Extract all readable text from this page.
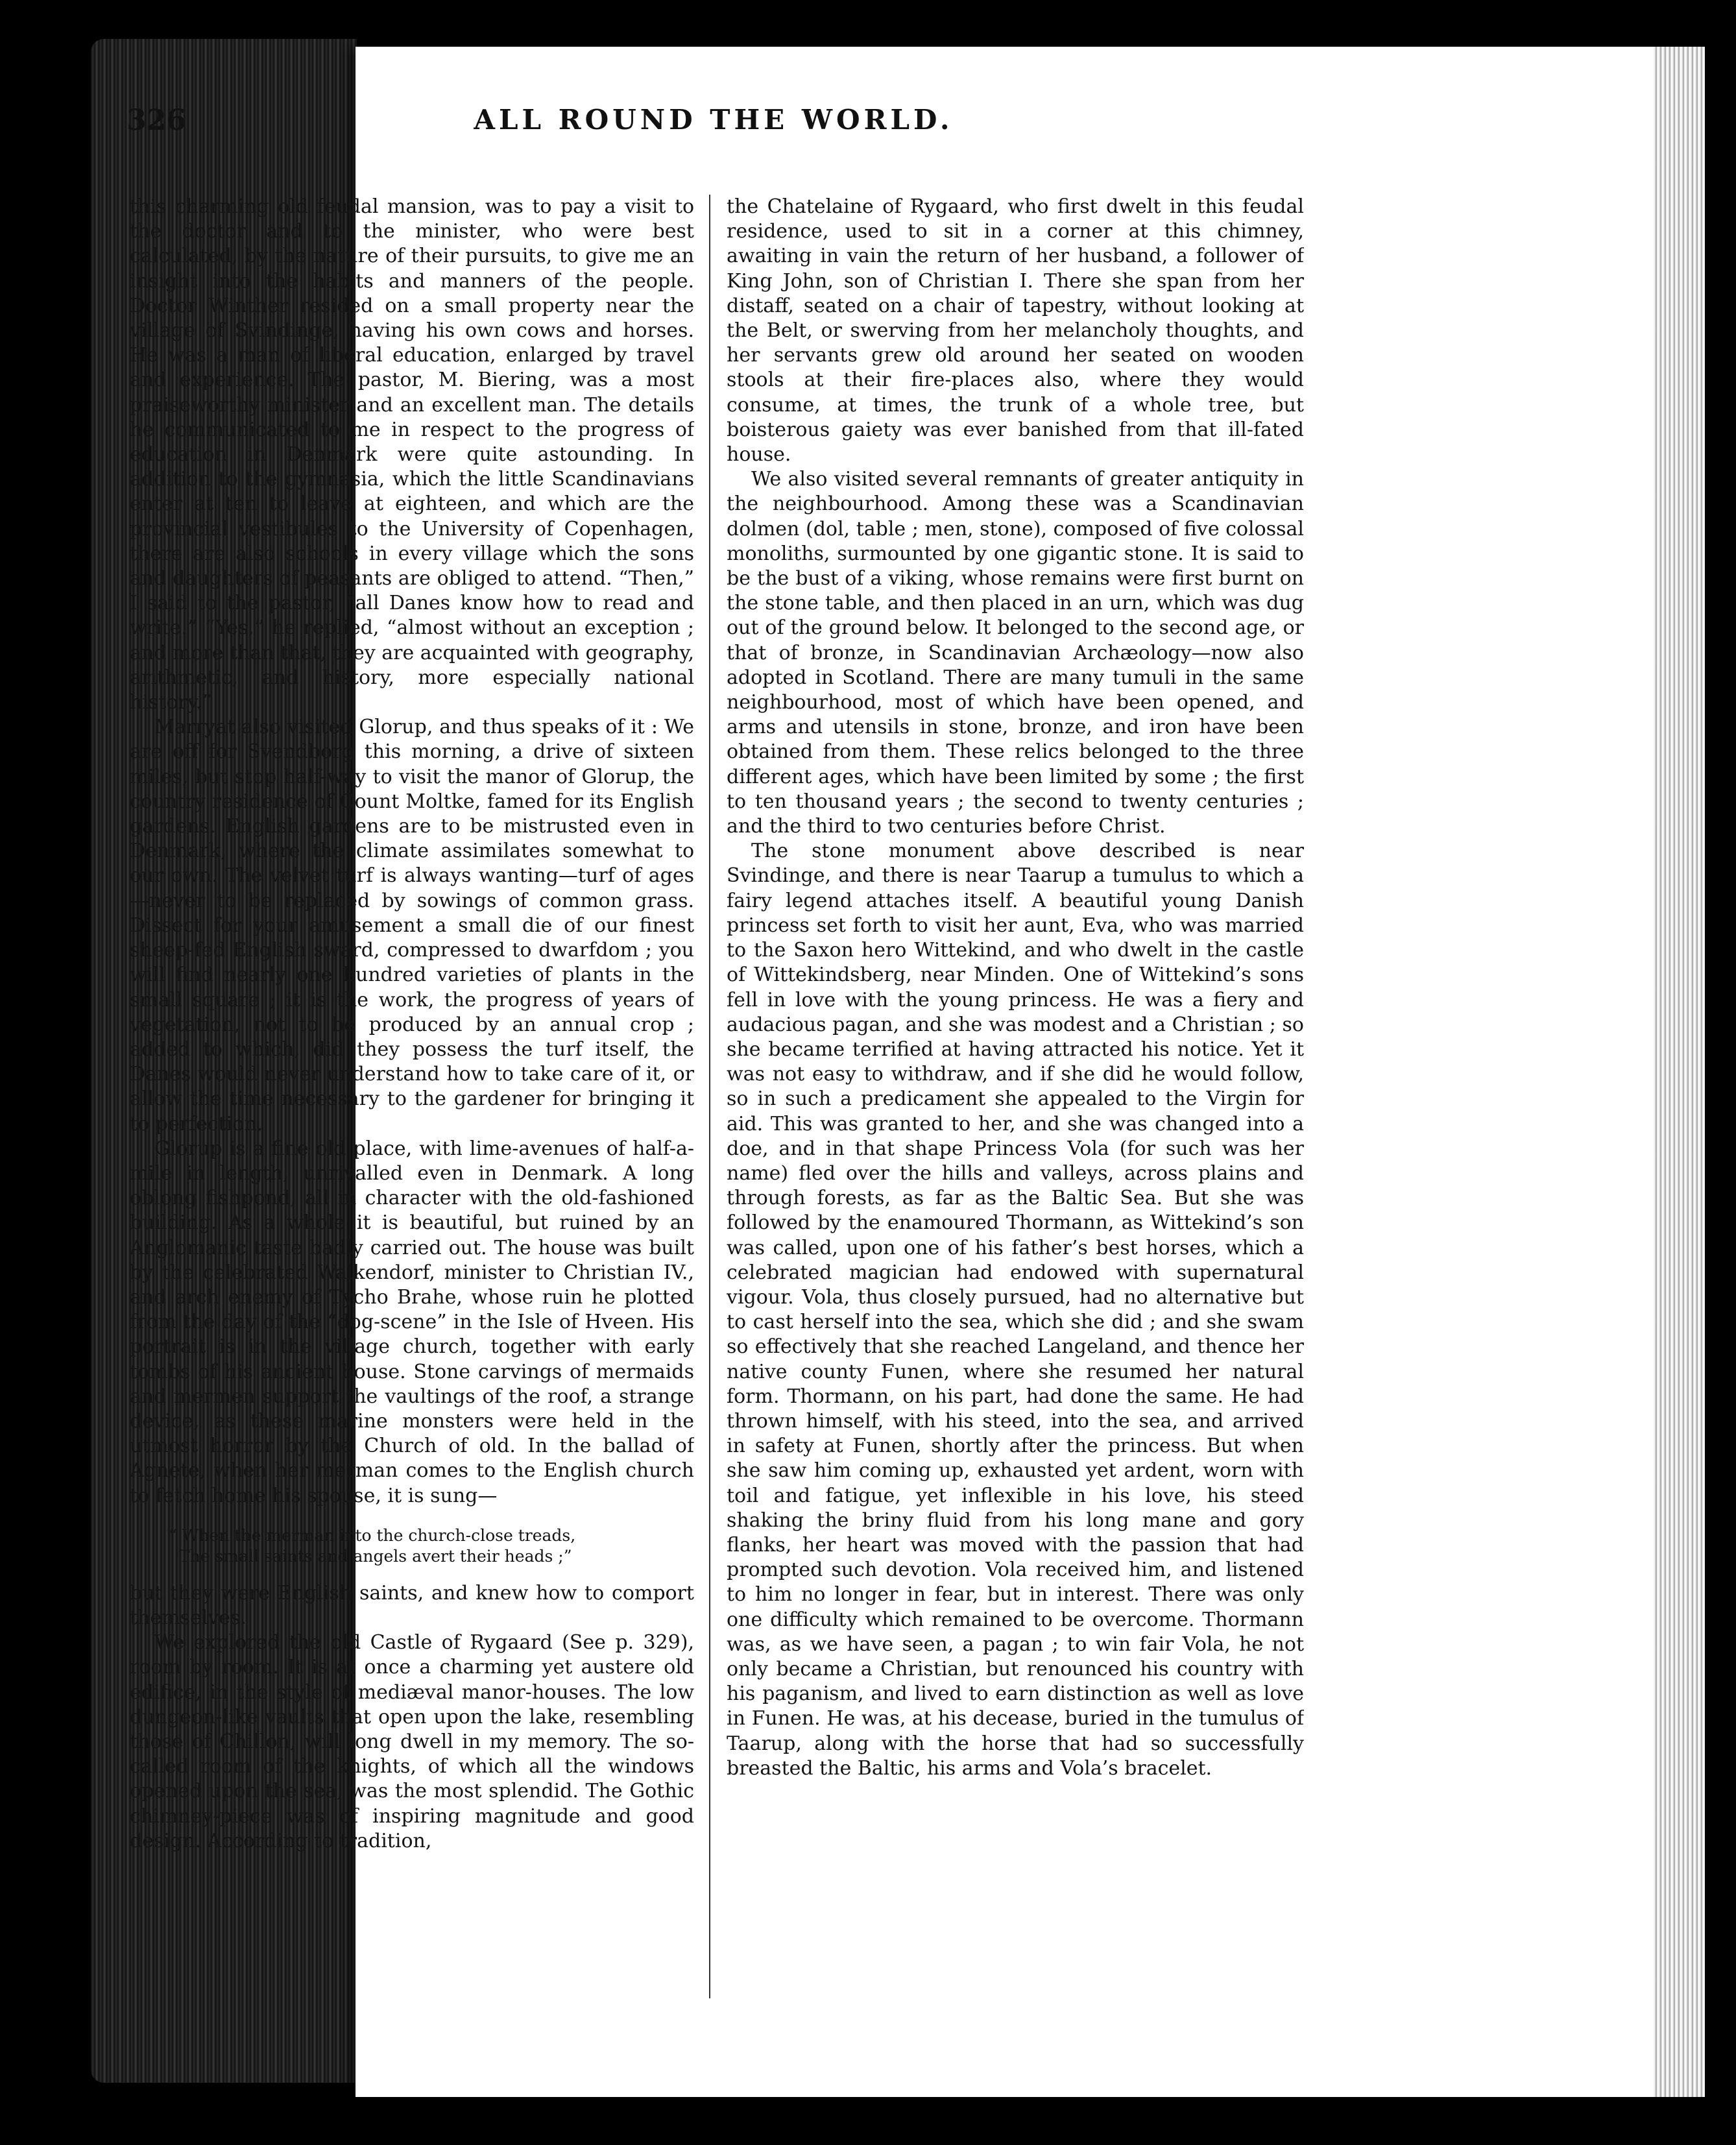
326	ALL ROUND THE WORLD.

this charming old feudal mansion, was to pay a visit to the doctor and to the minister, who were best calculated, by the nature of their pursuits, to give me an insight into the habits and manners of the people. Doctor Winther resided on a small property near the village of Svindinge, having his own cows and horses. He was a man of liberal education, enlarged by travel and experience. The pastor, M. Biering, was a most praiseworthy minister and an excellent man. The details he communicated to me in respect to the progress of education in Denmark were quite astounding. In addition to the gymnasia, which the little Scandinavians enter at ten to leave at eighteen, and which are the provincial vestibules to the University of Copenhagen, there are also schools in every village which the sons and daughters of peasants are obliged to attend. “Then,” I said to the pastor, “all Danes know how to read and write.” “Yes,” he replied, “almost without an exception ; and more than that, they are acquainted with geography, arithmetic, and history, more especially national history.”

Marryat also visited Glorup, and thus speaks of it : We are off for Svendborg this morning, a drive of sixteen miles, but stop half-way to visit the manor of Glorup, the country residence of Count Moltke, famed for its English gardens. English gardens are to be mistrusted even in Denmark, where the climate assimilates somewhat to our own. The velvet turf is always wanting—turf of ages—never to be replaced by sowings of common grass. Dissect for your amusement a small die of our finest sheep-fed English sward, compressed to dwarfdom ; you will find nearly one hundred varieties of plants in the small square ; it is the work, the progress of years of vegetation, not to be produced by an annual crop ; added to which, did they possess the turf itself, the Danes would never understand how to take care of it, or allow the time necessary to the gardener for bringing it to perfection.

Glorup is a fine old place, with lime-avenues of half-a-mile in length, unrivalled even in Denmark. A long oblong fishpond, all in character with the old-fashioned building. As a whole it is beautiful, but ruined by an Anglomanic taste badly carried out. The house was built by the celebrated Walkendorf, minister to Christian IV., and arch enemy of Tycho Brahe, whose ruin he plotted from the day of the “dog-scene” in the Isle of Hveen. His portrait is in the village church, together with early tombs of his ancient house. Stone carvings of mermaids and mermen support the vaultings of the roof, a strange device, as these marine monsters were held in the utmost horror by the Church of old. In the ballad of Agnete, when her merman comes to the English church to fetch home his spouse, it is sung—

“ When the merman into the church-close treads,
The small saints and angels avert their heads ;”

but they were English saints, and knew how to comport themselves.

We explored the old Castle of Rygaard (See p. 329), room by room. It is at once a charming yet austere old edifice, in the style of mediæval manor-houses. The low dungeon-like vaults that open upon the lake, resembling those of Chillon, will long dwell in my memory. The so-called room of the knights, of which all the windows opened upon the sea, was the most splendid. The Gothic chimney-piece was of inspiring magnitude and good design. According to tradition,

the Chatelaine of Rygaard, who first dwelt in this feudal residence, used to sit in a corner at this chimney, awaiting in vain the return of her husband, a follower of King John, son of Christian I. There she span from her distaff, seated on a chair of tapestry, without looking at the Belt, or swerving from her melancholy thoughts, and her servants grew old around her seated on wooden stools at their fire-places also, where they would consume, at times, the trunk of a whole tree, but boisterous gaiety was ever banished from that ill-fated house.

We also visited several remnants of greater antiquity in the neighbourhood. Among these was a Scandinavian dolmen (dol, table ; men, stone), composed of five colossal monoliths, surmounted by one gigantic stone. It is said to be the bust of a viking, whose remains were first burnt on the stone table, and then placed in an urn, which was dug out of the ground below. It belonged to the second age, or that of bronze, in Scandinavian Archæology—now also adopted in Scotland. There are many tumuli in the same neighbourhood, most of which have been opened, and arms and utensils in stone, bronze, and iron have been obtained from them. These relics belonged to the three different ages, which have been limited by some ; the first to ten thousand years ; the second to twenty centuries ; and the third to two centuries before Christ.

The stone monument above described is near Svindinge, and there is near Taarup a tumulus to which a fairy legend attaches itself. A beautiful young Danish princess set forth to visit her aunt, Eva, who was married to the Saxon hero Wittekind, and who dwelt in the castle of Wittekindsberg, near Minden. One of Wittekind’s sons fell in love with the young princess. He was a fiery and audacious pagan, and she was modest and a Christian ; so she became terrified at having attracted his notice. Yet it was not easy to withdraw, and if she did he would follow, so in such a predicament she appealed to the Virgin for aid. This was granted to her, and she was changed into a doe, and in that shape Princess Vola (for such was her name) fled over the hills and valleys, across plains and through forests, as far as the Baltic Sea. But she was followed by the enamoured Thormann, as Wittekind’s son was called, upon one of his father’s best horses, which a celebrated magician had endowed with supernatural vigour. Vola, thus closely pursued, had no alternative but to cast herself into the sea, which she did ; and she swam so effectively that she reached Langeland, and thence her native county Funen, where she resumed her natural form. Thormann, on his part, had done the same. He had thrown himself, with his steed, into the sea, and arrived in safety at Funen, shortly after the princess. But when she saw him coming up, exhausted yet ardent, worn with toil and fatigue, yet inflexible in his love, his steed shaking the briny fluid from his long mane and gory flanks, her heart was moved with the passion that had prompted such devotion. Vola received him, and listened to him no longer in fear, but in interest. There was only one difficulty which remained to be overcome. Thormann was, as we have seen, a pagan ; to win fair Vola, he not only became a Christian, but renounced his country with his paganism, and lived to earn distinction as well as love in Funen. He was, at his decease, buried in the tumulus of Taarup, along with the horse that had so successfully breasted the Baltic, his arms and Vola’s bracelet.
